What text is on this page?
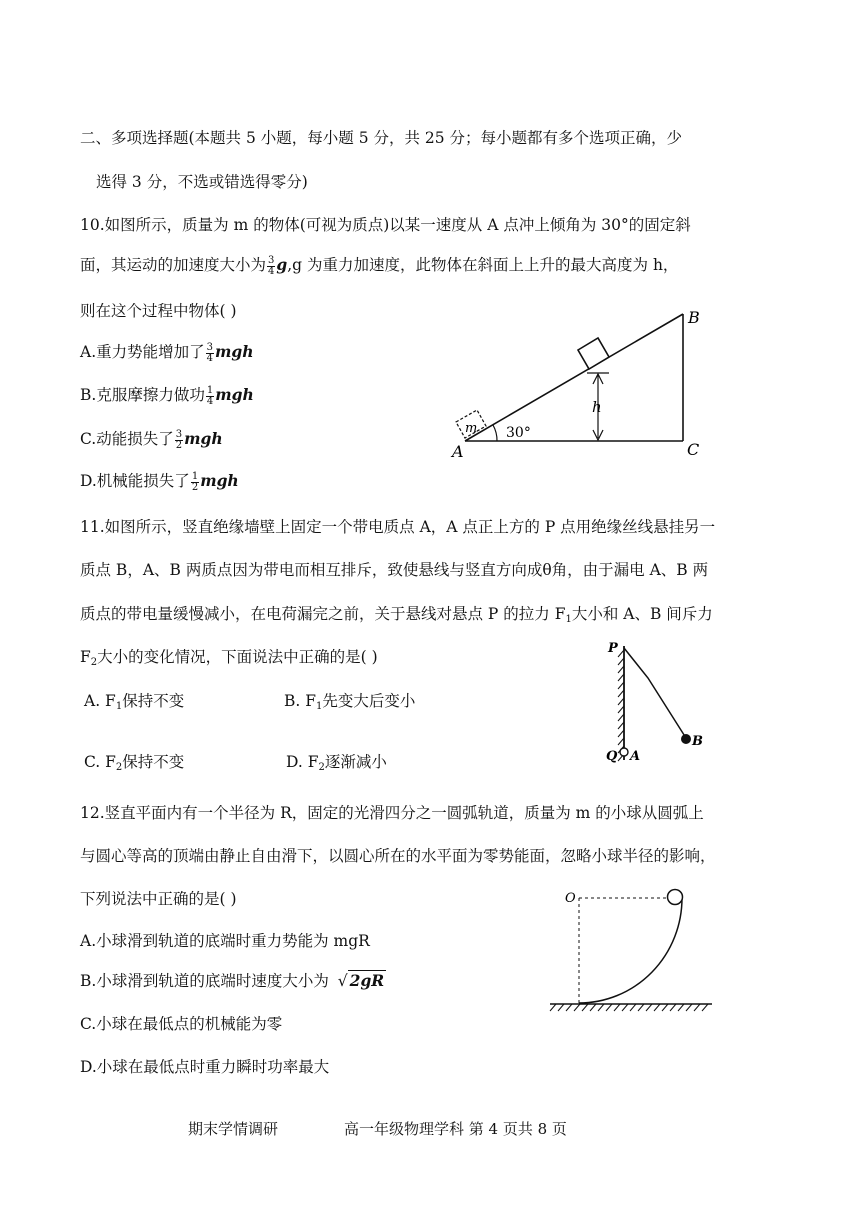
二、多项选择题(本题共 5 小题，每小题 5 分，共 25 分；每小题都有多个选项正确，少
选得 3 分，不选或错选得零分)
10.如图所示，质量为 m 的物体(可视为质点)以某一速度从 A 点冲上倾角为 30°的固定斜
面，其运动的加速度大小为 $\frac{3}{4} g,g$ 为重力加速度，此物体在斜面上上升的最大高度为 h，
则在这个过程中物体( )
A.重力势能增加了 $\frac{3}{4}$ mgh
B.克服摩擦力做功 $\frac{1}{4}$ mgh
C.动能损失了 $\frac{3}{2}$ mgh
D.机械能损失了 $\frac{1}{2}$ mgh
B
A	C
h
m 30°
11.如图所示，竖直绝缘墙壁上固定一个带电质点 A，A 点正上方的 P 点用绝缘丝线悬挂另一
质点 B，A、B 两质点因为带电而相互排斥，致使悬线与竖直方向成θ角，由于漏电 A、B 两
质点的带电量缓慢减小，在电荷漏完之前，关于悬线对悬点 P 的拉力 $F_1$大小和 A、B 间斥力
$F_2$大小的变化情况，下面说法中正确的是( )
A. $F_1$保持不变	B. $F_1$先变大后变小
C. $F_2$保持不变	D. $F_2$逐渐减小
P
Q A
B
12.竖直平面内有一个半径为 R，固定的光滑四分之一圆弧轨道，质量为 m 的小球从圆弧上
与圆心等高的顶端由静止自由滑下，以圆心所在的水平面为零势能面，忽略小球半径的影响，
下列说法中正确的是( )
A.小球滑到轨道的底端时重力势能为 mgR
B.小球滑到轨道的底端时速度大小为 √ 2gR
C.小球在最低点的机械能为零
D.小球在最低点时重力瞬时功率最大
O
期末学情调研	高一年级物理学科 第 4 页共 8 页
